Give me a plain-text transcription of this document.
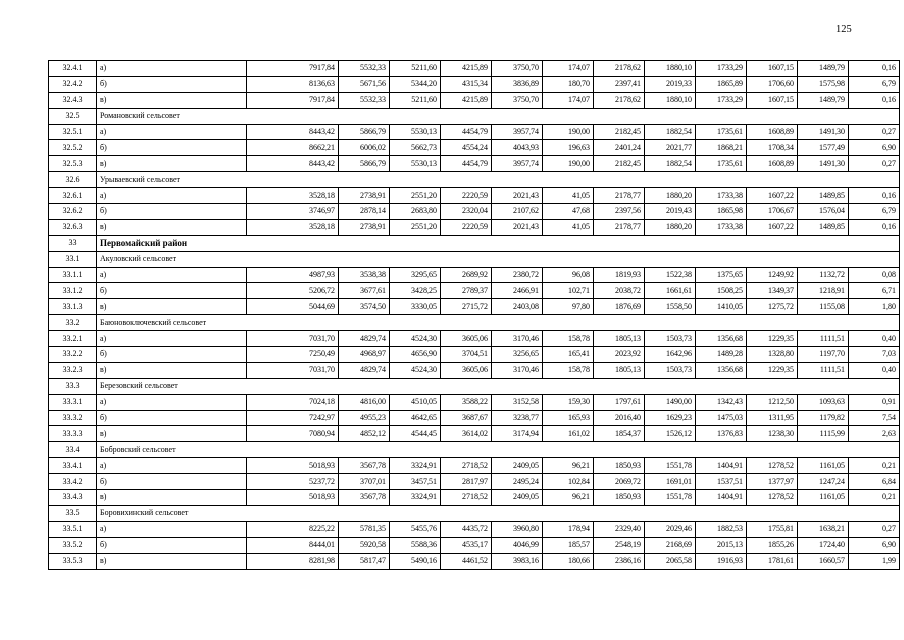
125
32.4.1	а)	7917,84	5532,33	5211,60	4215,89	3750,70	174,07	2178,62	1880,10	1733,29	1607,15	1489,79	0,16
32.4.2	б)	8136,63	5671,56	5344,20	4315,34	3836,89	180,70	2397,41	2019,33	1865,89	1706,60	1575,98	6,79
32.4.3	в)	7917,84	5532,33	5211,60	4215,89	3750,70	174,07	2178,62	1880,10	1733,29	1607,15	1489,79	0,16
32.5	Романовский сельсовет												
32.5.1	а)	8443,42	5866,79	5530,13	4454,79	3957,74	190,00	2182,45	1882,54	1735,61	1608,89	1491,30	0,27
32.5.2	б)	8662,21	6006,02	5662,73	4554,24	4043,93	196,63	2401,24	2021,77	1868,21	1708,34	1577,49	6,90
32.5.3	в)	8443,42	5866,79	5530,13	4454,79	3957,74	190,00	2182,45	1882,54	1735,61	1608,89	1491,30	0,27
32.6	Урываевский сельсовет												
32.6.1	а)	3528,18	2738,91	2551,20	2220,59	2021,43	41,05	2178,77	1880,20	1733,38	1607,22	1489,85	0,16
32.6.2	б)	3746,97	2878,14	2683,80	2320,04	2107,62	47,68	2397,56	2019,43	1865,98	1706,67	1576,04	6,79
32.6.3	в)	3528,18	2738,91	2551,20	2220,59	2021,43	41,05	2178,77	1880,20	1733,38	1607,22	1489,85	0,16
33	Первомайский район												
33.1	Акуловский сельсовет												
33.1.1	а)	4987,93	3538,38	3295,65	2689,92	2380,72	96,08	1819,93	1522,38	1375,65	1249,92	1132,72	0,08
33.1.2	б)	5206,72	3677,61	3428,25	2789,37	2466,91	102,71	2038,72	1661,61	1508,25	1349,37	1218,91	6,71
33.1.3	в)	5044,69	3574,50	3330,05	2715,72	2403,08	97,80	1876,69	1558,50	1410,05	1275,72	1155,08	1,80
33.2	Баюновоключевский сельсовет												
33.2.1	а)	7031,70	4829,74	4524,30	3605,06	3170,46	158,78	1805,13	1503,73	1356,68	1229,35	1111,51	0,40
33.2.2	б)	7250,49	4968,97	4656,90	3704,51	3256,65	165,41	2023,92	1642,96	1489,28	1328,80	1197,70	7,03
33.2.3	в)	7031,70	4829,74	4524,30	3605,06	3170,46	158,78	1805,13	1503,73	1356,68	1229,35	1111,51	0,40
33.3	Березовский сельсовет												
33.3.1	а)	7024,18	4816,00	4510,05	3588,22	3152,58	159,30	1797,61	1490,00	1342,43	1212,50	1093,63	0,91
33.3.2	б)	7242,97	4955,23	4642,65	3687,67	3238,77	165,93	2016,40	1629,23	1475,03	1311,95	1179,82	7,54
33.3.3	в)	7080,94	4852,12	4544,45	3614,02	3174,94	161,02	1854,37	1526,12	1376,83	1238,30	1115,99	2,63
33.4	Бобровский сельсовет												
33.4.1	а)	5018,93	3567,78	3324,91	2718,52	2409,05	96,21	1850,93	1551,78	1404,91	1278,52	1161,05	0,21
33.4.2	б)	5237,72	3707,01	3457,51	2817,97	2495,24	102,84	2069,72	1691,01	1537,51	1377,97	1247,24	6,84
33.4.3	в)	5018,93	3567,78	3324,91	2718,52	2409,05	96,21	1850,93	1551,78	1404,91	1278,52	1161,05	0,21
33.5	Боровихинский сельсовет												
33.5.1	а)	8225,22	5781,35	5455,76	4435,72	3960,80	178,94	2329,40	2029,46	1882,53	1755,81	1638,21	0,27
33.5.2	б)	8444,01	5920,58	5588,36	4535,17	4046,99	185,57	2548,19	2168,69	2015,13	1855,26	1724,40	6,90
33.5.3	в)	8281,98	5817,47	5490,16	4461,52	3983,16	180,66	2386,16	2065,58	1916,93	1781,61	1660,57	1,99
